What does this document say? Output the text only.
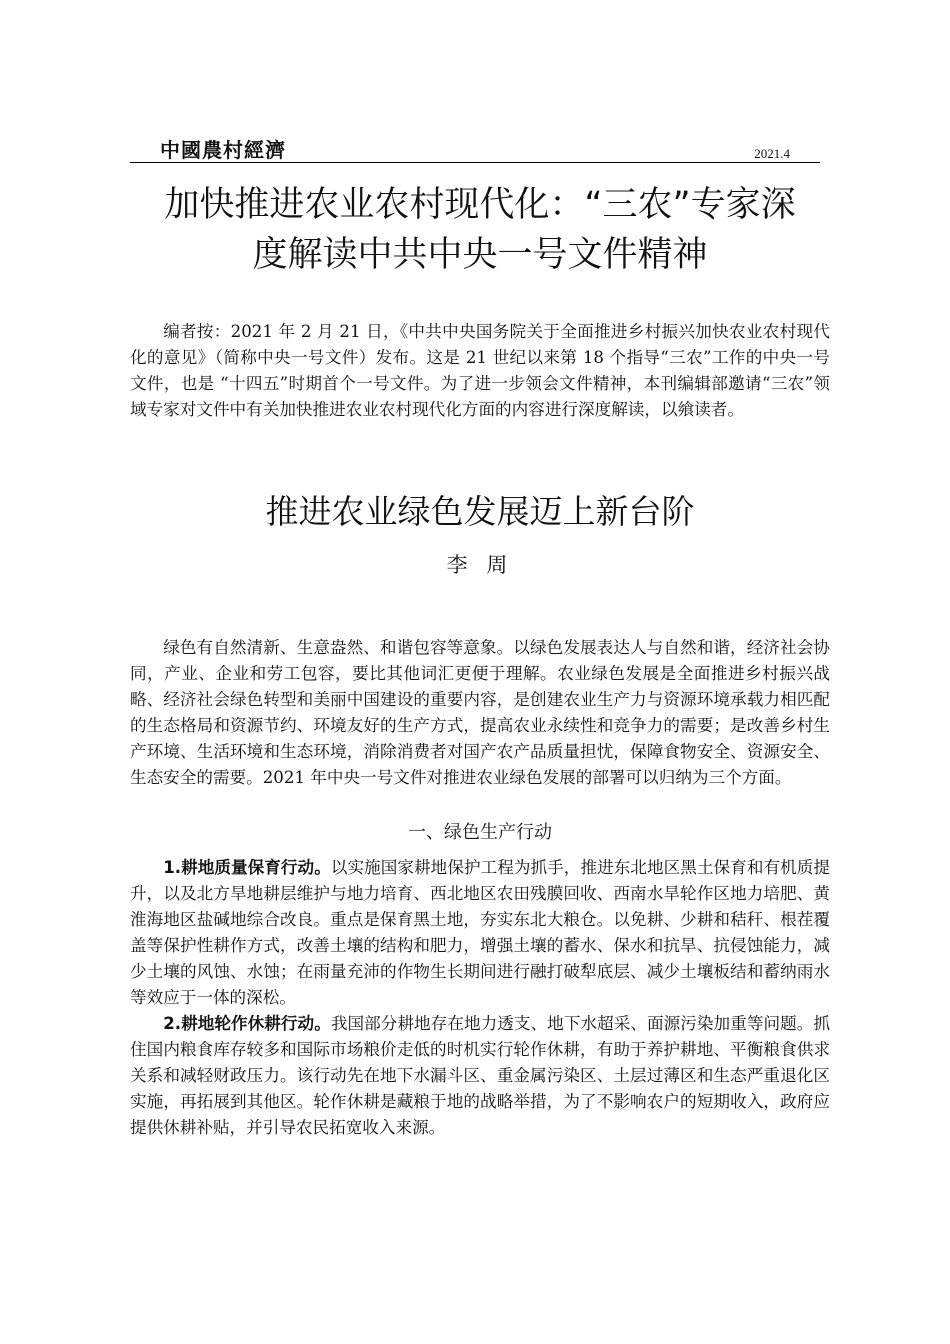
中國農村經濟	2021.4
加快推进农业农村现代化：“三农”专家深
度解读中共中央一号文件精神
编者按：2021 年 2 月 21 日，《中共中央国务院关于全面推进乡村振兴加快农业农村现代化的意见》（简称中央一号文件）发布。这是 21 世纪以来第 18 个指导“三农”工作的中央一号文件，也是 “十四五”时期首个一号文件。为了进一步领会文件精神，本刊编辑部邀请“三农”领域专家对文件中有关加快推进农业农村现代化方面的内容进行深度解读，以飨读者。
推进农业绿色发展迈上新台阶
李 周

绿色有自然清新、生意盎然、和谐包容等意象。以绿色发展表达人与自然和谐，经济社会协同，产业、企业和劳工包容，要比其他词汇更便于理解。农业绿色发展是全面推进乡村振兴战略、经济社会绿色转型和美丽中国建设的重要内容，是创建农业生产力与资源环境承载力相匹配的生态格局和资源节约、环境友好的生产方式，提高农业永续性和竞争力的需要；是改善乡村生产环境、生活环境和生态环境，消除消费者对国产农产品质量担忧，保障食物安全、资源安全、生态安全的需要。2021 年中央一号文件对推进农业绿色发展的部署可以归纳为三个方面。

一、绿色生产行动

1.耕地质量保育行动。以实施国家耕地保护工程为抓手，推进东北地区黑土保育和有机质提升，以及北方旱地耕层维护与地力培育、西北地区农田残膜回收、西南水旱轮作区地力培肥、黄淮海地区盐碱地综合改良。重点是保育黑土地，夯实东北大粮仓。以免耕、少耕和秸秆、根茬覆盖等保护性耕作方式，改善土壤的结构和肥力，增强土壤的蓄水、保水和抗旱、抗侵蚀能力，减少土壤的风蚀、水蚀；在雨量充沛的作物生长期间进行融打破犁底层、减少土壤板结和蓄纳雨水等效应于一体的深松。

2.耕地轮作休耕行动。我国部分耕地存在地力透支、地下水超采、面源污染加重等问题。抓住国内粮食库存较多和国际市场粮价走低的时机实行轮作休耕，有助于养护耕地、平衡粮食供求关系和减轻财政压力。该行动先在地下水漏斗区、重金属污染区、土层过薄区和生态严重退化区实施，再拓展到其他区。轮作休耕是藏粮于地的战略举措，为了不影响农户的短期收入，政府应提供休耕补贴，并引导农民拓宽收入来源。
